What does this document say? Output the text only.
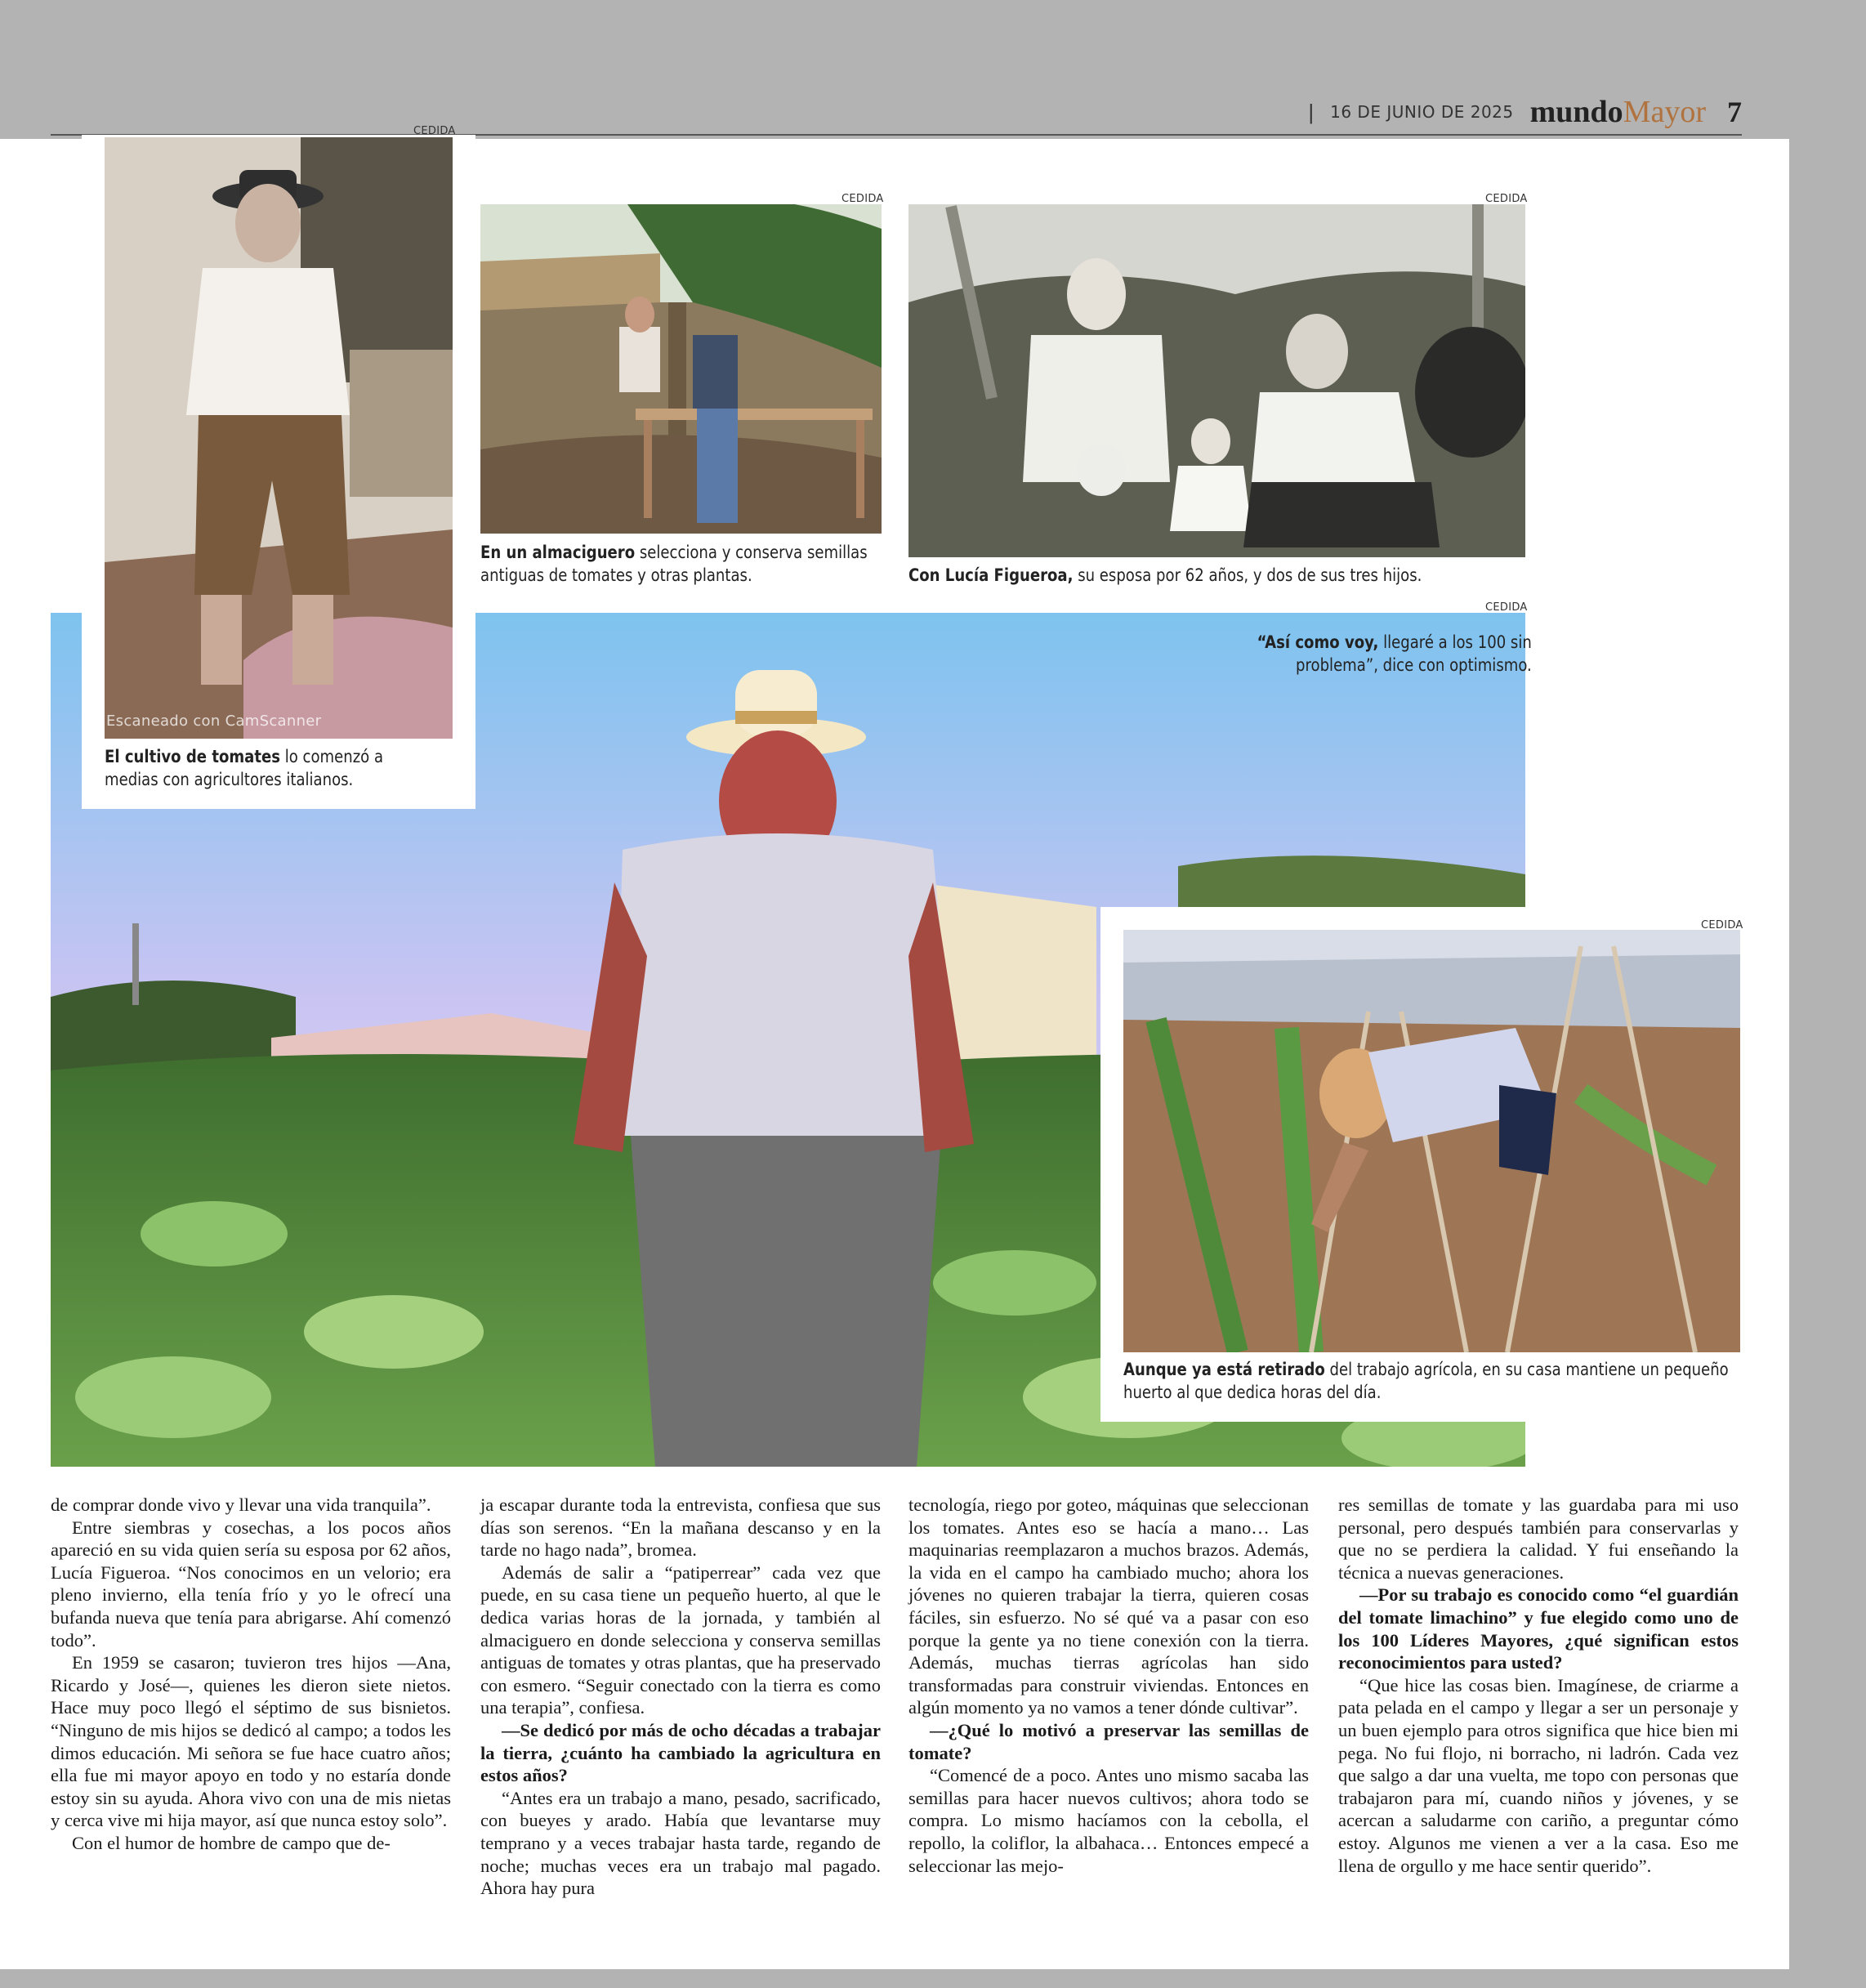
| 16 DE JUNIO DE 2025 mundoMayor 7
CEDIDA
Escaneado con CamScanner
El cultivo de tomates lo comenzó a medias con agricultores italianos.
CEDIDA
En un almaciguero selecciona y conserva semillas antiguas de tomates y otras plantas.
CEDIDA
Con Lucía Figueroa, su esposa por 62 años, y dos de sus tres hijos.
CEDIDA
“Así como voy, llegaré a los 100 sin problema”, dice con optimismo.
CEDIDA
Aunque ya está retirado del trabajo agrícola, en su casa mantiene un pequeño huerto al que dedica horas del día.

de comprar donde vivo y llevar una vida tranquila”.

Entre siembras y cosechas, a los pocos años apareció en su vida quien sería su esposa por 62 años, Lucía Figueroa. “Nos conocimos en un velorio; era pleno invierno, ella tenía frío y yo le ofrecí una bufanda nueva que tenía para abrigarse. Ahí comenzó todo”.

En 1959 se casaron; tuvieron tres hijos —Ana, Ricardo y José—, quienes les dieron siete nietos. Hace muy poco llegó el séptimo de sus bisnietos. “Ninguno de mis hijos se dedicó al campo; a todos les dimos educación. Mi señora se fue hace cuatro años; ella fue mi mayor apoyo en todo y no estaría donde estoy sin su ayuda. Ahora vivo con una de mis nietas y cerca vive mi hija mayor, así que nunca estoy solo”.

Con el humor de hombre de campo que de-

ja escapar durante toda la entrevista, confiesa que sus días son serenos. “En la mañana descanso y en la tarde no hago nada”, bromea.

Además de salir a “patiperrear” cada vez que puede, en su casa tiene un pequeño huerto, al que le dedica varias horas de la jornada, y también al almaciguero en donde selecciona y conserva semillas antiguas de tomates y otras plantas, que ha preservado con esmero. “Seguir conectado con la tierra es como una terapia”, confiesa.

—Se dedicó por más de ocho décadas a trabajar la tierra, ¿cuánto ha cambiado la agricultura en estos años?

“Antes era un trabajo a mano, pesado, sacrificado, con bueyes y arado. Había que levantarse muy temprano y a veces trabajar hasta tarde, regando de noche; muchas veces era un trabajo mal pagado. Ahora hay pura

tecnología, riego por goteo, máquinas que seleccionan los tomates. Antes eso se hacía a mano… Las maquinarias reemplazaron a muchos brazos. Además, la vida en el campo ha cambiado mucho; ahora los jóvenes no quieren trabajar la tierra, quieren cosas fáciles, sin esfuerzo. No sé qué va a pasar con eso porque la gente ya no tiene conexión con la tierra. Además, muchas tierras agrícolas han sido transformadas para construir viviendas. Entonces en algún momento ya no vamos a tener dónde cultivar”.

—¿Qué lo motivó a preservar las semillas de tomate?

“Comencé de a poco. Antes uno mismo sacaba las semillas para hacer nuevos cultivos; ahora todo se compra. Lo mismo hacíamos con la cebolla, el repollo, la coliflor, la albahaca… Entonces empecé a seleccionar las mejo-

res semillas de tomate y las guardaba para mi uso personal, pero después también para conservarlas y que no se perdiera la calidad. Y fui enseñando la técnica a nuevas generaciones.

—Por su trabajo es conocido como “el guardián del tomate limachino” y fue elegido como uno de los 100 Líderes Mayores, ¿qué significan estos reconocimientos para usted?

“Que hice las cosas bien. Imagínese, de criarme a pata pelada en el campo y llegar a ser un personaje y un buen ejemplo para otros significa que hice bien mi pega. No fui flojo, ni borracho, ni ladrón. Cada vez que salgo a dar una vuelta, me topo con personas que trabajaron para mí, cuando niños y jóvenes, y se acercan a saludarme con cariño, a preguntar cómo estoy. Algunos me vienen a ver a la casa. Eso me llena de orgullo y me hace sentir querido”.
